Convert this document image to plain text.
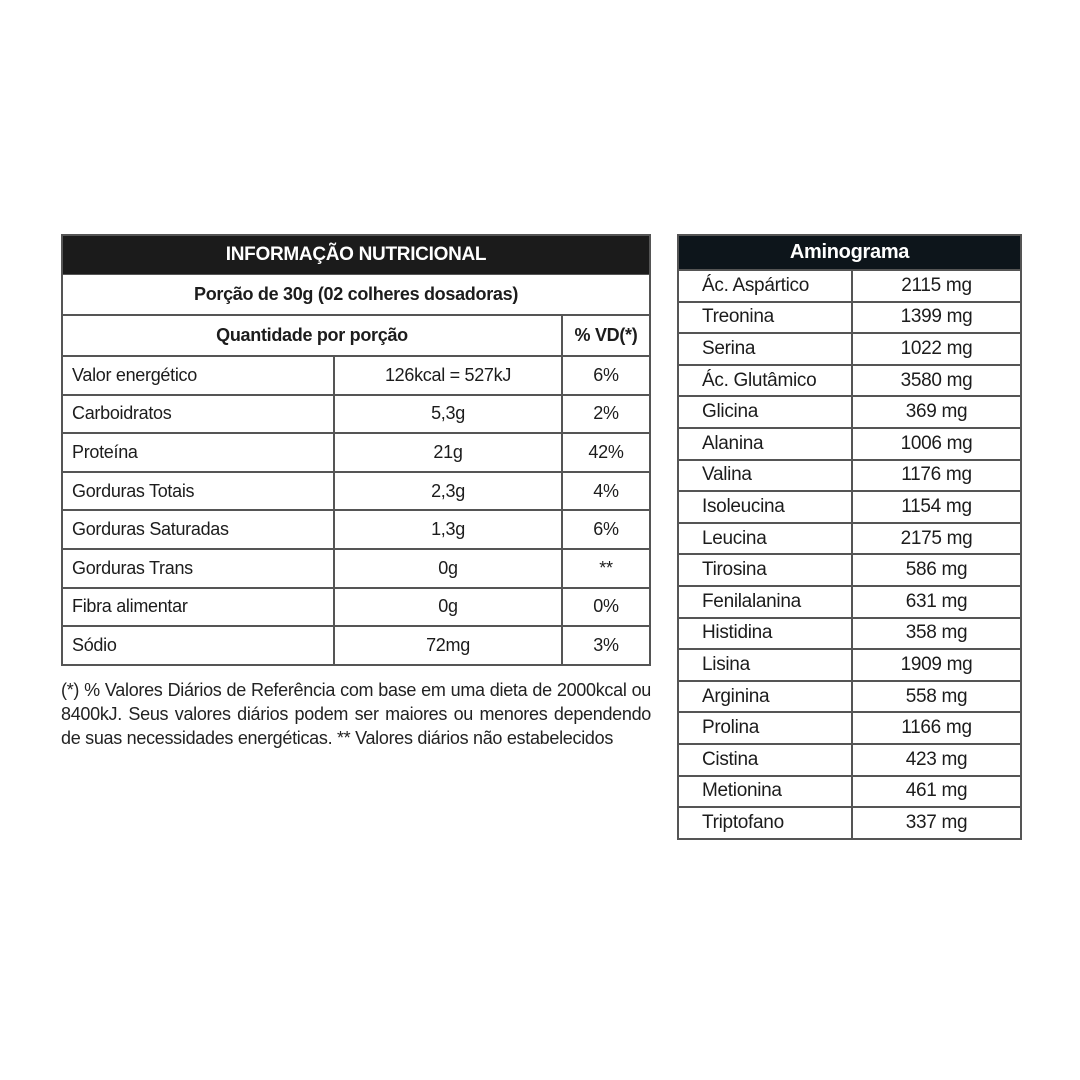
INFORMAÇÃO NUTRICIONAL
Porção de 30g (02 colheres dosadoras)
Quantidade por porção	% VD(*)
Valor energético	126kcal = 527kJ	6%
Carboidratos	5,3g	2%
Proteína	21g	42%
Gorduras Totais	2,3g	4%
Gorduras Saturadas	1,3g	6%
Gorduras Trans	0g	**
Fibra alimentar	0g	0%
Sódio	72mg	3%
(*) % Valores Diários de Referência com base em uma dieta de 2000kcal ou 8400kJ. Seus valores diários podem ser maiores ou menores dependendo de suas necessidades energéticas. ** Valores diários não estabelecidos
Aminograma
Ác. Aspártico	2115 mg
Treonina	1399 mg
Serina	1022 mg
Ác. Glutâmico	3580 mg
Glicina	369 mg
Alanina	1006 mg
Valina	1176 mg
Isoleucina	1154 mg
Leucina	2175 mg
Tirosina	586 mg
Fenilalanina	631 mg
Histidina	358 mg
Lisina	1909 mg
Arginina	558 mg
Prolina	1166 mg
Cistina	423 mg
Metionina	461 mg
Triptofano	337 mg
